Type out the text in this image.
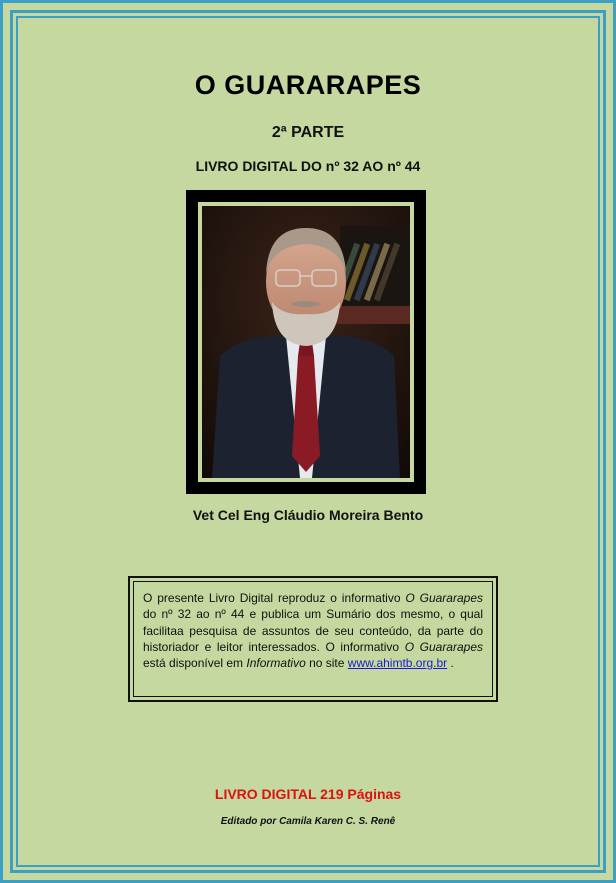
O GUARARAPES
2ª PARTE
LIVRO DIGITAL DO nº 32 AO nº 44
Vet Cel Eng Cláudio Moreira Bento
O presente Livro Digital reproduz o informativo O Guararapes do nº 32 ao nº 44 e publica um Sumário dos mesmo, o qual facilitaa pesquisa de assuntos de seu conteúdo, da parte do historiador e leitor interessados. O informativo O Guararapes está disponível em Informativo no site www.ahimtb.org.br .
LIVRO DIGITAL 219 Páginas
Editado por Camila Karen C. S. Renê
